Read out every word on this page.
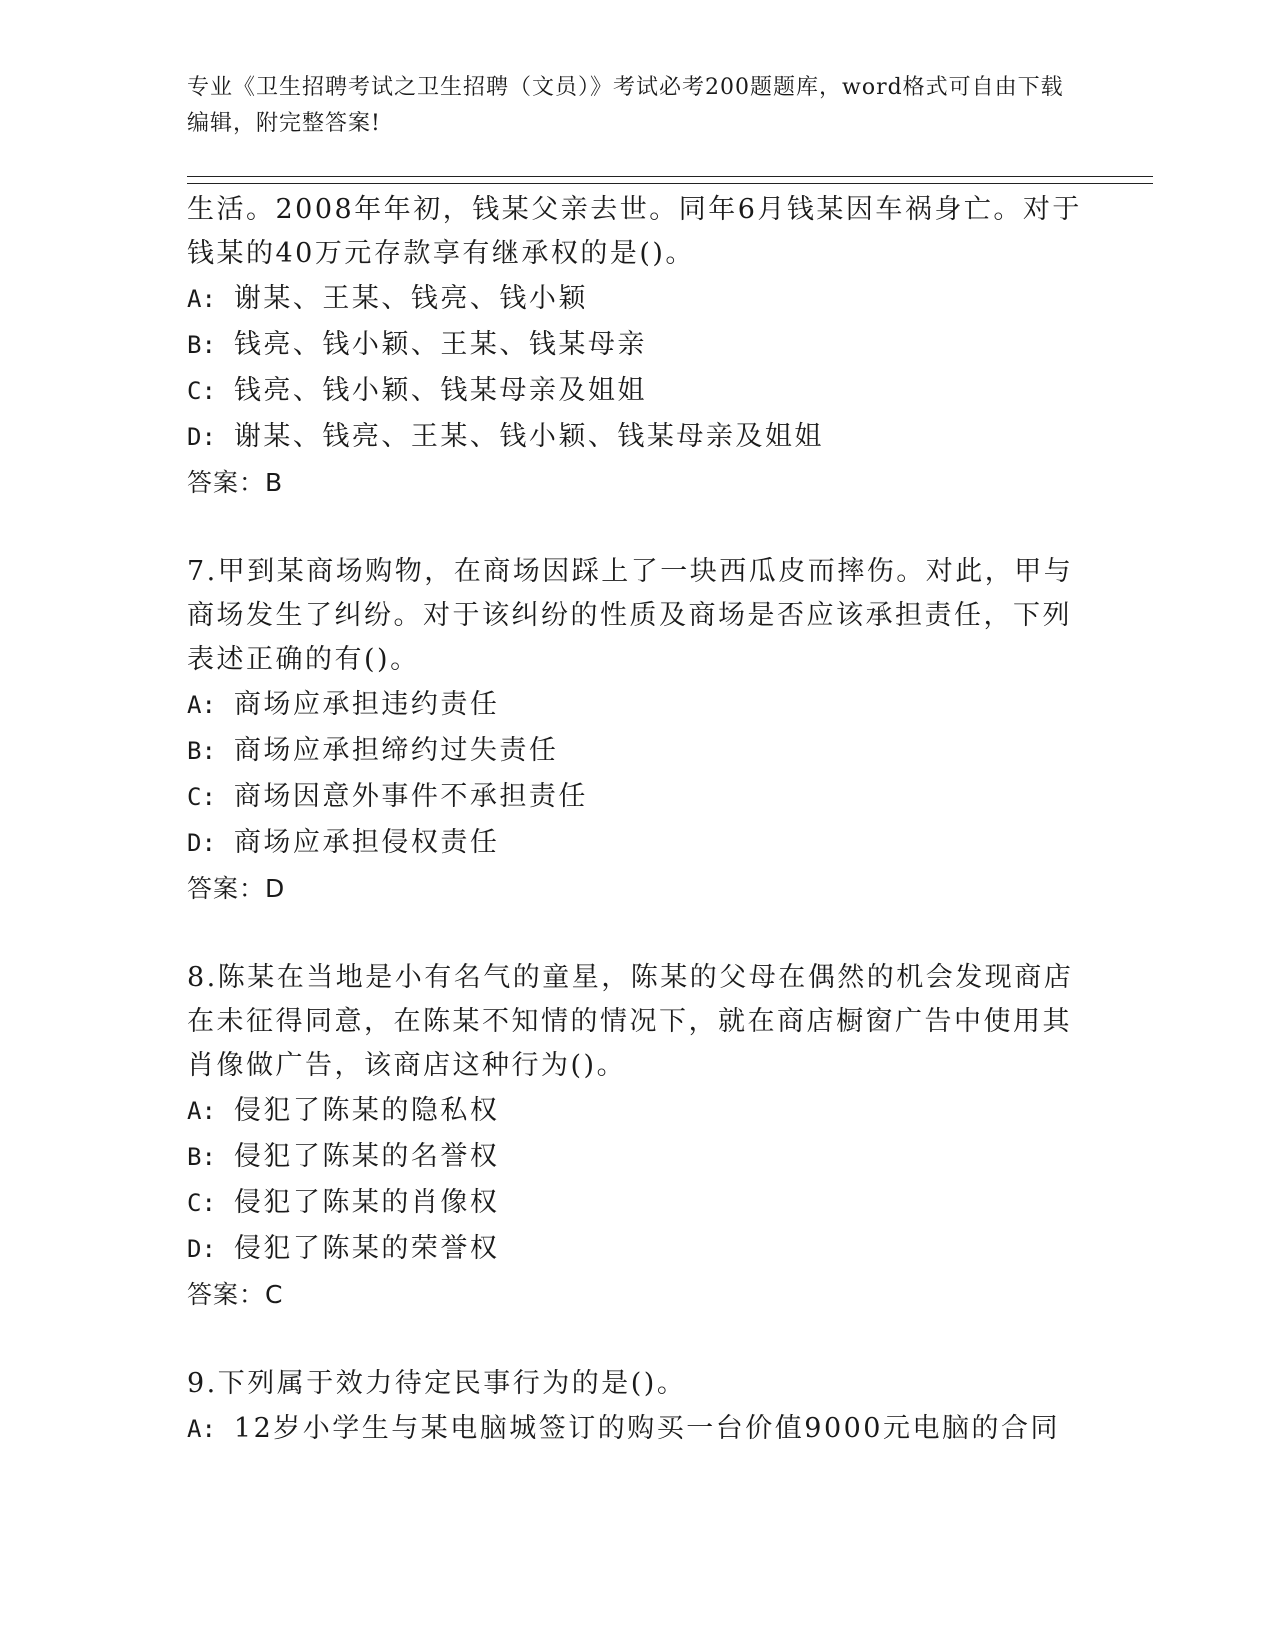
专业《卫生招聘考试之卫生招聘（文员）》考试必考200题题库，word格式可自由下载编辑，附完整答案!
生活。2008年年初，钱某父亲去世。同年6月钱某因车祸身亡。对于钱某的40万元存款享有继承权的是()。
A: 谢某、王某、钱亮、钱小颖
B: 钱亮、钱小颖、王某、钱某母亲
C: 钱亮、钱小颖、钱某母亲及姐姐
D: 谢某、钱亮、王某、钱小颖、钱某母亲及姐姐
答案：B
7.甲到某商场购物，在商场因踩上了一块西瓜皮而摔伤。对此，甲与商场发生了纠纷。对于该纠纷的性质及商场是否应该承担责任，下列表述正确的有()。
A: 商场应承担违约责任
B: 商场应承担缔约过失责任
C: 商场因意外事件不承担责任
D: 商场应承担侵权责任
答案：D
8.陈某在当地是小有名气的童星，陈某的父母在偶然的机会发现商店在未征得同意，在陈某不知情的情况下，就在商店橱窗广告中使用其肖像做广告，该商店这种行为()。
A: 侵犯了陈某的隐私权
B: 侵犯了陈某的名誉权
C: 侵犯了陈某的肖像权
D: 侵犯了陈某的荣誉权
答案：C
9.下列属于效力待定民事行为的是()。
A: 12岁小学生与某电脑城签订的购买一台价值9000元电脑的合同
